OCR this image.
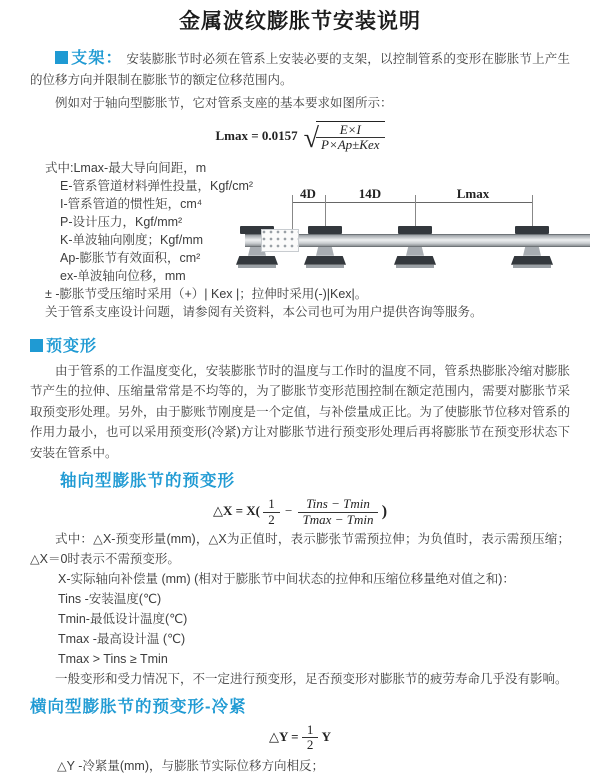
金属波纹膨胀节安装说明

支架： 安装膨胀节时必须在管系上安装必要的支架，以控制管系的变形在膨胀节上产生的位移方向并限制在膨胀节的额定位移范围内。

例如对于轴向型膨胀节，它对管系支座的基本要求如图所示：

Lmax = 0.0157 √
$\frac{E\times I}{\text{P×Ap±Kex}}$
式中:Lmax-最大导向间距，m
E-管系管道材料弹性投量，Kgf/cm²
I-管系管道的惯性矩，cm⁴
P-设计压力，Kgf/mm²
K-单波轴向刚度；Kgf/mm
Ap-膨胀节有效面积，cm²
ex-单波轴向位移，mm
± -膨胀节受压缩时采用（+）| Kex |；拉伸时采用(-)|Kex|。
关于管系支座设计问题，请参阅有关资料，本公司也可为用户提供咨询等服务。
4D	14D	Lmax
预变形

由于管系的工作温度变化，安装膨胀节时的温度与工作时的温度不同，管系热膨胀冷缩对膨胀节产生的拉伸、压缩量常常是不均等的，为了膨胀节变形范围控制在额定范围内，需要对膨胀节采取预变形处理。另外，由于膨账节刚度是一个定值，与补偿量成正比。为了使膨胀节位移对管系的作用力最小，也可以采用预变形(冷紧)方让对膨胀节进行预变形处理后再将膨胀节在预变形状态下安装在管系中。

轴向型膨胀节的预变形
△X = $X( \frac{1}{2} - \frac{\text{Tins − Tmin}}{Tmax - Tmin}$ )

式中：△X-预变形量(mm)，△X为正值时，表示膨张节需预拉伸；为负值时，表示需预压缩；△X＝0时表示不需预变形。

X-实际轴向补偿量 (mm) (相对于膨胀节中间状态的拉伸和压缩位移量绝对值之和)：
Tins -安装温度(℃)
Tmin-最低设计温度(℃)
Tmax -最高设计温 (℃)
Tmax > Tins ≥ Tmin

一般变形和受力情况下，不一定进行预变形，足否预变形对膨胀节的疲劳寿命几乎没有影响。

横向型膨胀节的预变形-冷紧
△Y = $\frac{1}{2}$ Y
△Y -冷紧量(mm)，与膨胀节实际位移方向相反；
